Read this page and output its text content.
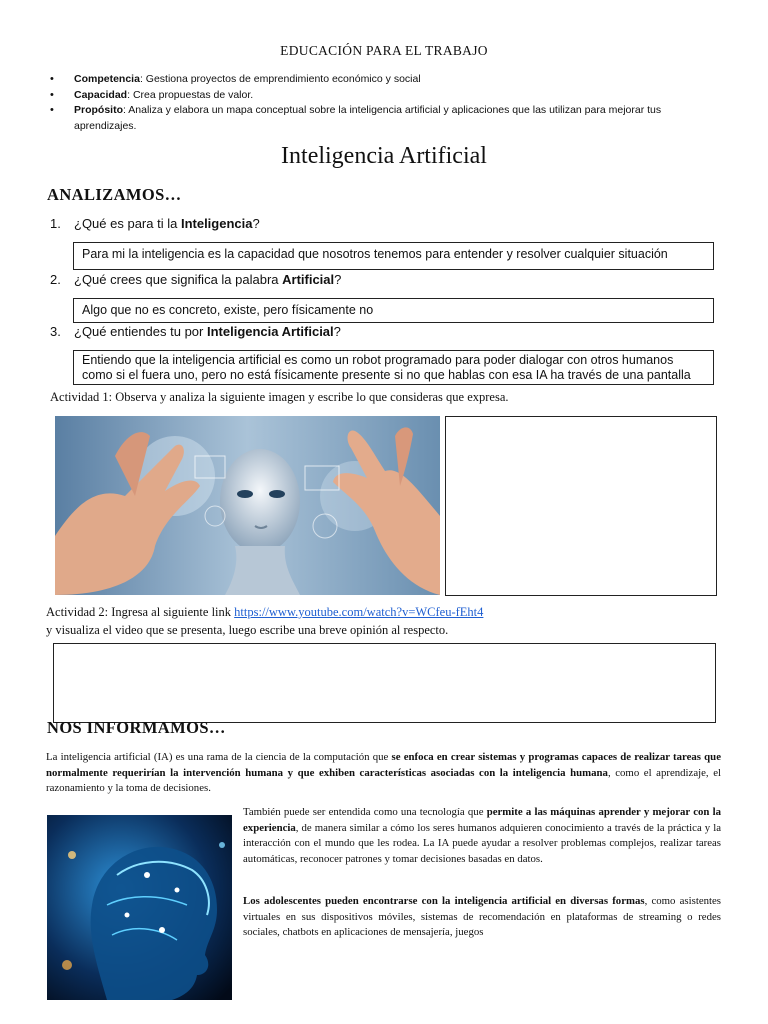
EDUCACIÓN PARA EL TRABAJO
• Competencia: Gestiona proyectos de emprendimiento económico y social
• Capacidad: Crea propuestas de valor.
• Propósito: Analiza y elabora un mapa conceptual sobre la inteligencia artificial y aplicaciones que las utilizan para mejorar tus aprendizajes.
Inteligencia Artificial
ANALIZAMOS…
1. ¿Qué es para ti la Inteligencia?
Para mi la inteligencia es la capacidad que nosotros tenemos para entender y resolver cualquier situación
2. ¿Qué crees que significa la palabra Artificial?
Algo que no es concreto, existe, pero físicamente no
3. ¿Qué entiendes tu por Inteligencia Artificial?
Entiendo que la inteligencia artificial es como un robot programado para poder dialogar con otros humanos como si el fuera uno, pero no está físicamente presente si no que hablas con esa IA ha través de una pantalla
Actividad 1: Observa y analiza la siguiente imagen y escribe lo que consideras que expresa.
Actividad 2: Ingresa al siguiente link https://www.youtube.com/watch?v=WCfeu-fEht4
y visualiza el video que se presenta, luego escribe una breve opinión al respecto.
NOS INFORMAMOS…
La inteligencia artificial (IA) es una rama de la ciencia de la computación que se enfoca en crear sistemas y programas capaces de realizar tareas que normalmente requerirían la intervención humana y que exhiben características asociadas con la inteligencia humana, como el aprendizaje, el razonamiento y la toma de decisiones.
También puede ser entendida como una tecnología que permite a las máquinas aprender y mejorar con la experiencia, de manera similar a cómo los seres humanos adquieren conocimiento a través de la práctica y la interacción con el mundo que les rodea. La IA puede ayudar a resolver problemas complejos, realizar tareas automáticas, reconocer patrones y tomar decisiones basadas en datos.
Los adolescentes pueden encontrarse con la inteligencia artificial en diversas formas, como asistentes virtuales en sus dispositivos móviles, sistemas de recomendación en plataformas de streaming o redes sociales, chatbots en aplicaciones de mensajería, juegos
